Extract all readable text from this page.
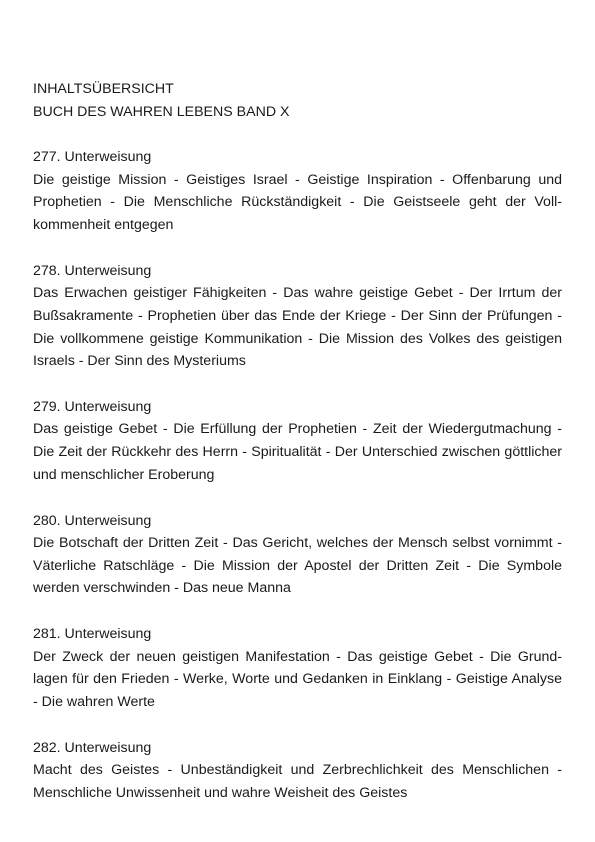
INHALTSÜBERSICHT

BUCH DES WAHREN LEBENS BAND X

277. Unterweisung

Die geistige Mission - Geistiges Israel - Geistige Inspiration - Offenbarung und Prophetien - Die Menschliche Rückständigkeit - Die Geistseele geht der Vollkommenheit entgegen

278. Unterweisung

Das Erwachen geistiger Fähigkeiten - Das wahre geistige Gebet - Der Irrtum der Bußsakramente - Prophetien über das Ende der Kriege - Der Sinn der Prüfungen - Die vollkommene geistige Kommunikation - Die Mission des Volkes des geistigen Israels - Der Sinn des Mysteriums

279. Unterweisung

Das geistige Gebet - Die Erfüllung der Prophetien - Zeit der Wiedergutmachung - Die Zeit der Rückkehr des Herrn - Spiritualität - Der Unterschied zwischen göttlicher und menschlicher Eroberung

280. Unterweisung

Die Botschaft der Dritten Zeit - Das Gericht, welches der Mensch selbst vornimmt - Väterliche Ratschläge - Die Mission der Apostel der Dritten Zeit - Die Symbole werden verschwinden - Das neue Manna

281. Unterweisung

Der Zweck der neuen geistigen Manifestation - Das geistige Gebet - Die Grundlagen für den Frieden - Werke, Worte und Gedanken in Einklang - Geistige Analyse - Die wahren Werte

282. Unterweisung

Macht des Geistes - Unbeständigkeit und Zerbrechlichkeit des Menschlichen - Menschliche Unwissenheit und wahre Weisheit des Geistes
